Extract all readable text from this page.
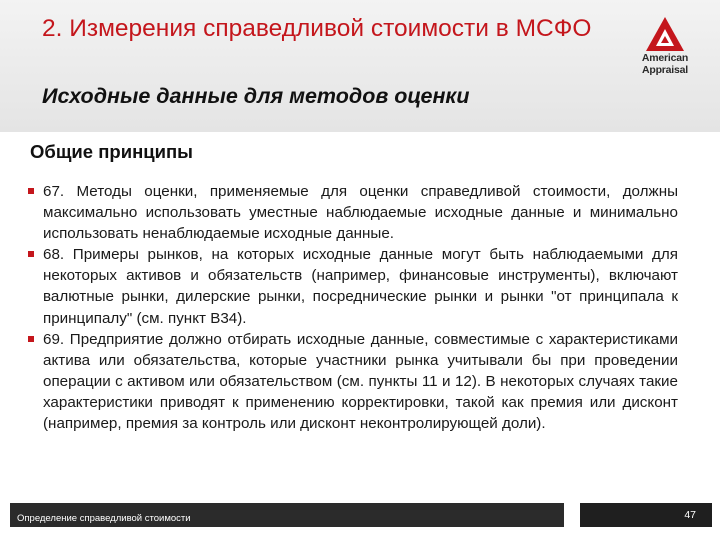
2. Измерения справедливой стоимости в МСФО
Исходные данные для методов оценки
American
Appraisal
Общие принципы
67. Методы оценки, применяемые для оценки справедливой стоимости, должны максимально использовать уместные наблюдаемые исходные данные и минимально использовать ненаблюдаемые исходные данные.
68. Примеры рынков, на которых исходные данные могут быть наблюдаемыми для некоторых активов и обязательств (например, финансовые инструменты), включают валютные рынки, дилерские рынки, посреднические рынки и рынки "от принципала к принципалу" (см. пункт B34).
69. Предприятие должно отбирать исходные данные, совместимые с характеристиками актива или обязательства, которые участники рынка учитывали бы при проведении операции с активом или обязательством (см. пункты 11 и 12). В некоторых случаях такие характеристики приводят к применению корректировки, такой как премия или дисконт (например, премия за контроль или дисконт неконтролирующей доли).
Определение справедливой стоимости	47
